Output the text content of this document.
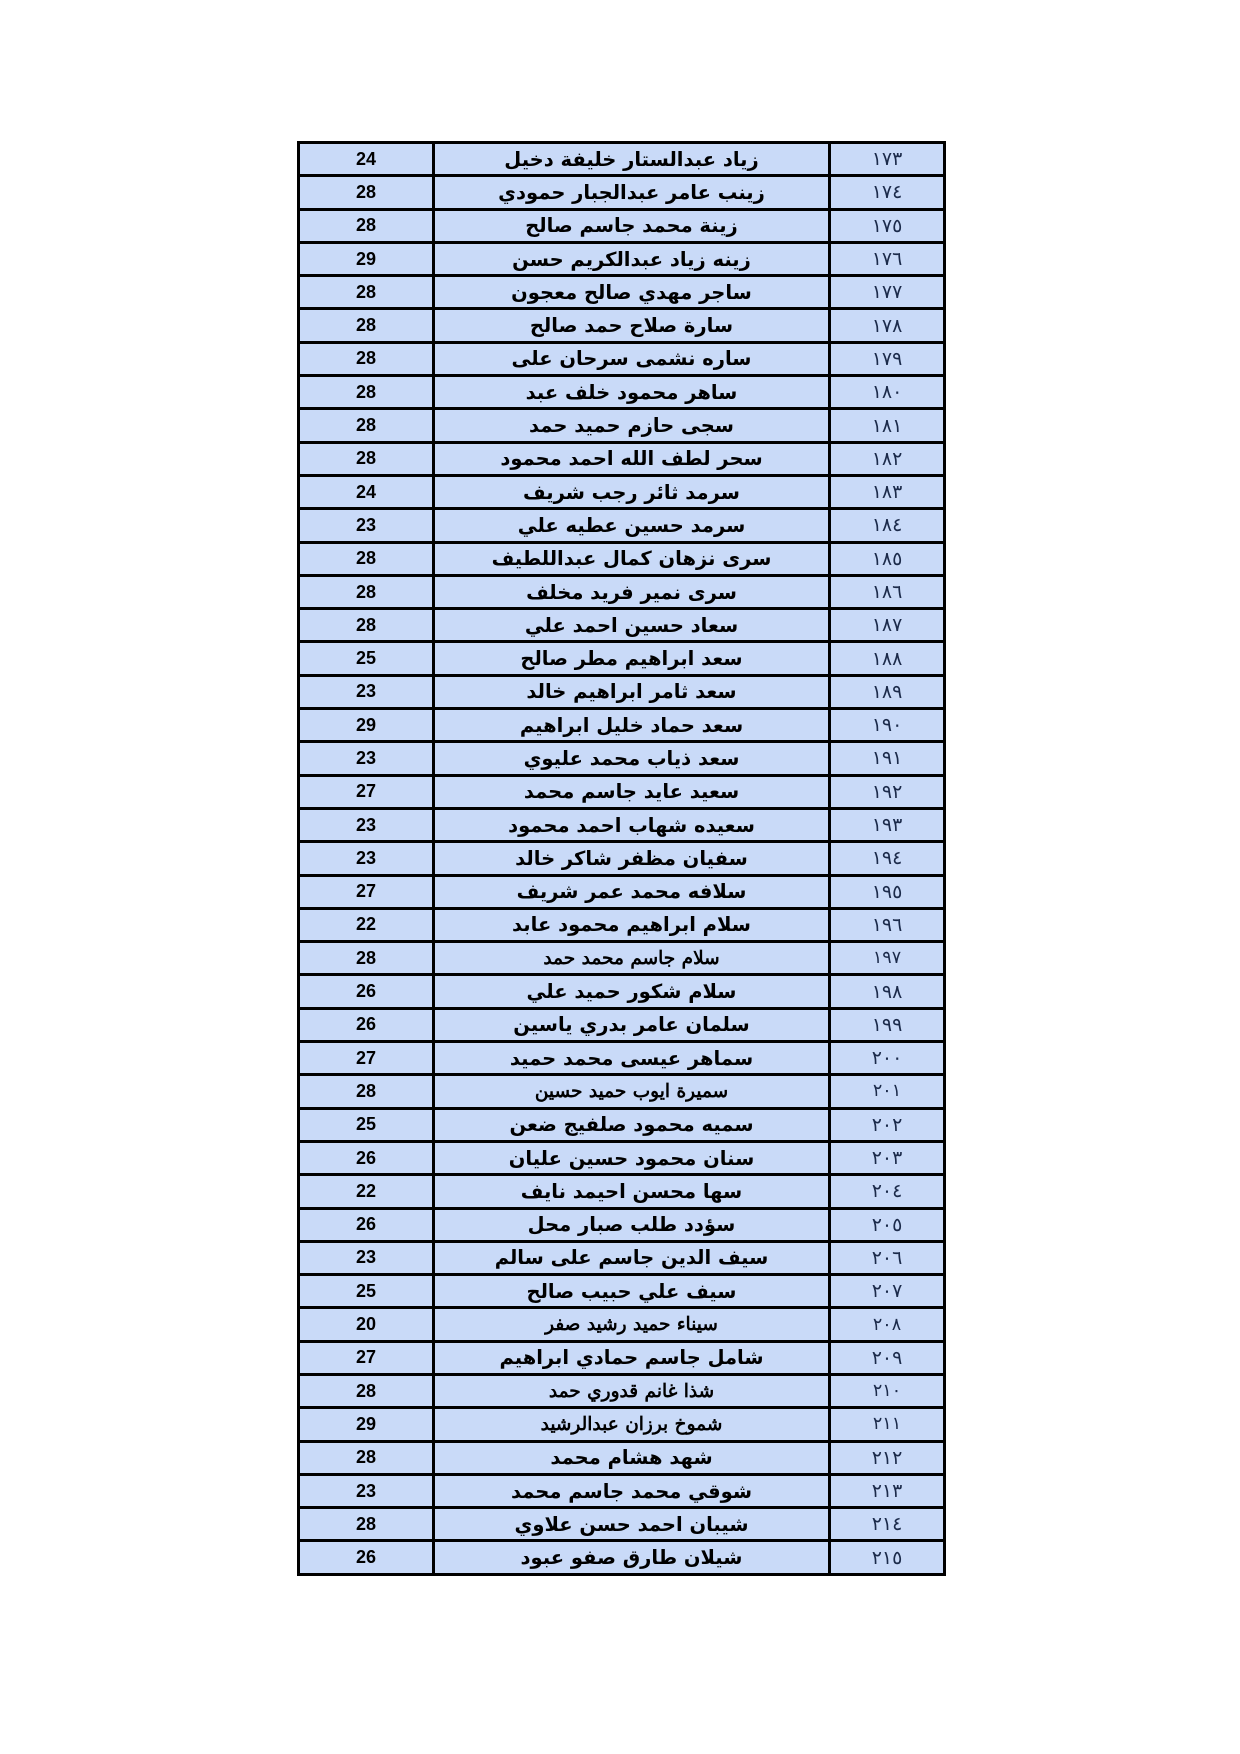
١٧٣	زياد عبدالستار خليفة دخيل	24
١٧٤	زينب عامر عبدالجبار حمودي	28
١٧٥	زينة محمد جاسم صالح	28
١٧٦	زينه زياد عبدالكريم حسن	29
١٧٧	ساجر مهدي صالح معجون	28
١٧٨	سارة صلاح حمد صالح	28
١٧٩	ساره نشمى سرحان على	28
١٨٠	ساهر محمود خلف عبد	28
١٨١	سجى حازم حميد حمد	28
١٨٢	سحر لطف الله احمد محمود	28
١٨٣	سرمد ثائر رجب شريف	24
١٨٤	سرمد حسين عطيه علي	23
١٨٥	سرى نزهان كمال عبداللطيف	28
١٨٦	سرى نمير فريد مخلف	28
١٨٧	سعاد حسين احمد علي	28
١٨٨	سعد ابراهيم مطر صالح	25
١٨٩	سعد ثامر ابراهيم خالد	23
١٩٠	سعد حماد خليل ابراهيم	29
١٩١	سعد ذياب محمد عليوي	23
١٩٢	سعيد عايد جاسم محمد	27
١٩٣	سعيده شهاب احمد محمود	23
١٩٤	سفيان مظفر شاكر خالد	23
١٩٥	سلافه محمد عمر شريف	27
١٩٦	سلام ابراهيم محمود عابد	22
١٩٧	سلام جاسم محمد حمد	28
١٩٨	سلام شكور حميد علي	26
١٩٩	سلمان عامر بدري ياسين	26
٢٠٠	سماهر عيسى محمد حميد	27
٢٠١	سميرة ايوب حميد حسين	28
٢٠٢	سميه محمود صلفيج ضعن	25
٢٠٣	سنان محمود حسين عليان	26
٢٠٤	سها محسن احيمد نايف	22
٢٠٥	سؤدد طلب صبار محل	26
٢٠٦	سيف الدين جاسم على سالم	23
٢٠٧	سيف علي حبيب صالح	25
٢٠٨	سيناء حميد رشيد صفر	20
٢٠٩	شامل جاسم حمادي ابراهيم	27
٢١٠	شذا غانم قدوري حمد	28
٢١١	شموخ برزان عبدالرشيد	29
٢١٢	شهد هشام محمد	28
٢١٣	شوقي محمد جاسم محمد	23
٢١٤	شيبان احمد حسن علاوي	28
٢١٥	شيلان طارق صفو عبود	26
